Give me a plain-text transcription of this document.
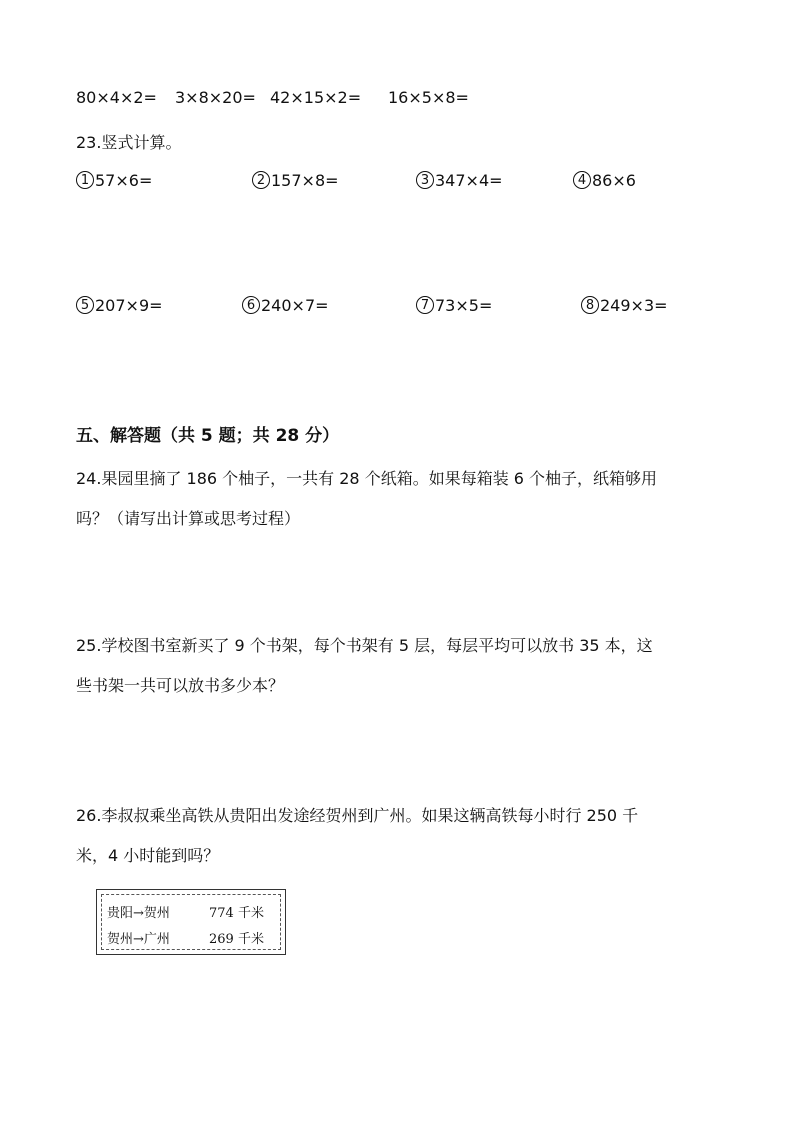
80×4×2= 3×8×20= 42×15×2= 16×5×8=
23.竖式计算。
1 57×6=	2 157×8=	3 347×4=	4 86×6
5 207×9=	6 240×7=	7 73×5=	8 249×3=
五、解答题（共 5 题；共 28 分）
24.果园里摘了 186 个柚子，一共有 28 个纸箱。如果每箱装 6 个柚子，纸箱够用
吗？（请写出计算或思考过程）
25.学校图书室新买了 9 个书架，每个书架有 5 层，每层平均可以放书 35 本，这
些书架一共可以放书多少本？
26.李叔叔乘坐高铁从贵阳出发途经贺州到广州。如果这辆高铁每小时行 250 千
米，4 小时能到吗？
贵阳→贺州	774 千米
贺州→广州	269 千米
